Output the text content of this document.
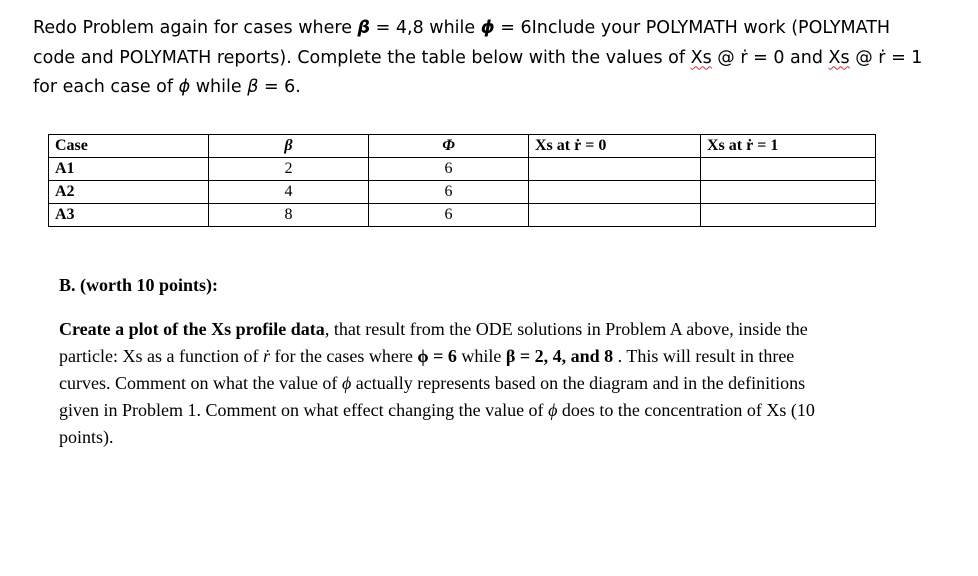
Redo Problem again for cases where β = 4,8 while ϕ = 6Include your POLYMATH work (POLYMATH
code and POLYMATH reports). Complete the table below with the values of Xs @ ṙ = 0 and Xs @ ṙ = 1
for each case of ϕ while β = 6.
Case	β	Φ	Xs at ṙ = 0	Xs at ṙ = 1
A1	2	6		
A2	4	6		
A3	8	6		
B. (worth 10 points):
Create a plot of the Xs profile data, that result from the ODE solutions in Problem A above, inside the
particle: Xs as a function of ṙ for the cases where ϕ = 6 while β = 2, 4, and 8 . This will result in three
curves. Comment on what the value of ϕ actually represents based on the diagram and in the definitions
given in Problem 1. Comment on what effect changing the value of ϕ does to the concentration of Xs (10
points).
